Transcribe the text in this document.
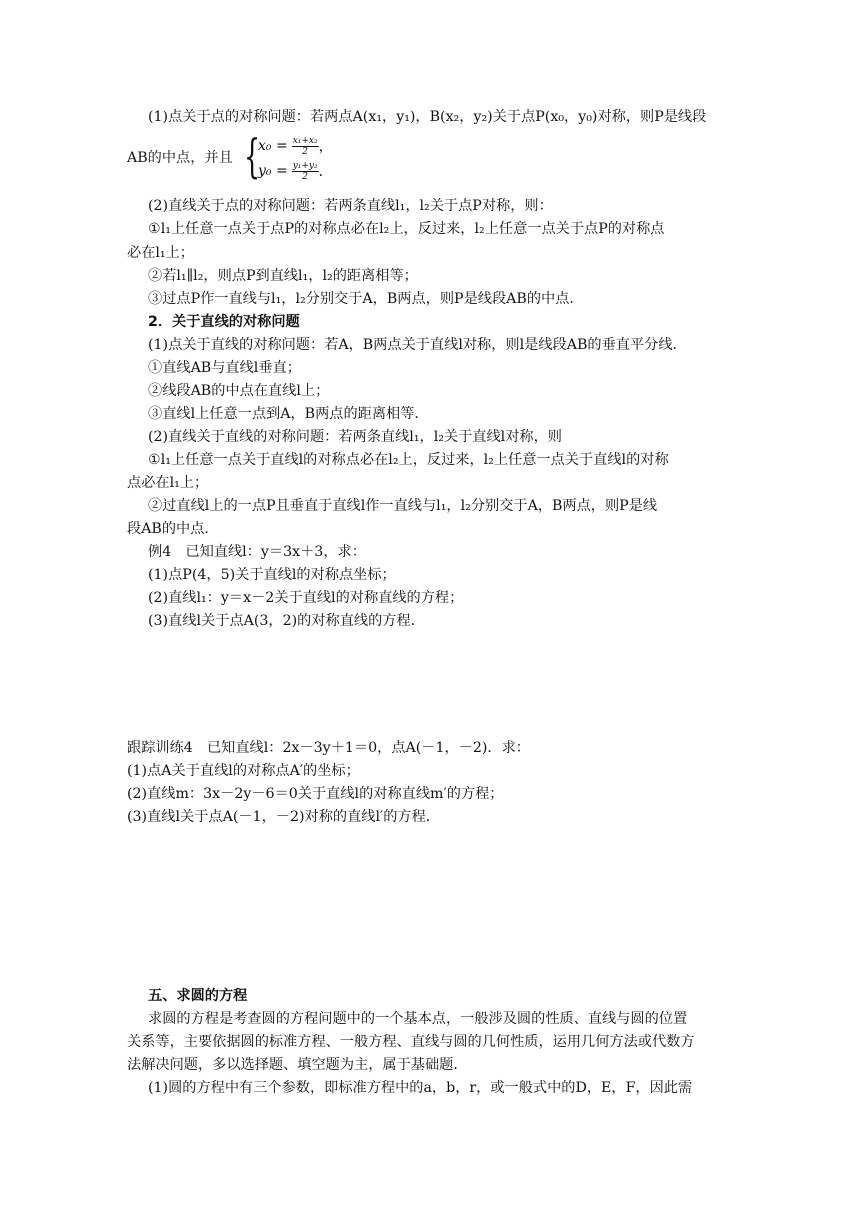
(1)点关于点的对称问题：若两点A(x₁，y₁)，B(x₂，y₂)关于点P(x₀，y₀)对称，则P是线段
AB的中点，并且 {
$x_0 = \frac{\text{x₁+x₂}}{2}$ ，
$y_0 = \frac{\text{y₁+y₂}}{2}$ ．
(2)直线关于点的对称问题：若两条直线l₁，l₂关于点P对称，则：
①l₁上任意一点关于点P的对称点必在l₂上，反过来，l₂上任意一点关于点P的对称点
必在l₁上；
②若l₁∥l₂，则点P到直线l₁，l₂的距离相等；
③过点P作一直线与l₁，l₂分别交于A，B两点，则P是线段AB的中点．
2．关于直线的对称问题
(1)点关于直线的对称问题：若A，B两点关于直线l对称，则l是线段AB的垂直平分线．
①直线AB与直线l垂直；
②线段AB的中点在直线l上；
③直线l上任意一点到A，B两点的距离相等．
(2)直线关于直线的对称问题：若两条直线l₁，l₂关于直线l对称，则
①l₁上任意一点关于直线l的对称点必在l₂上，反过来，l₂上任意一点关于直线l的对称
点必在l₁上；
②过直线l上的一点P且垂直于直线l作一直线与l₁，l₂分别交于A，B两点，则P是线
段AB的中点．
例4　已知直线l：y＝3x＋3，求：
(1)点P(4，5)关于直线l的对称点坐标；
(2)直线l₁：y＝x－2关于直线l的对称直线的方程；
(3)直线l关于点A(3，2)的对称直线的方程．
跟踪训练4　已知直线l：2x－3y＋1＝0，点A(－1，－2)．求：
(1)点A关于直线l的对称点A′的坐标；
(2)直线m：3x－2y－6＝0关于直线l的对称直线m′的方程；
(3)直线l关于点A(－1，－2)对称的直线l′的方程．
五、求圆的方程
求圆的方程是考查圆的方程问题中的一个基本点，一般涉及圆的性质、直线与圆的位置
关系等，主要依据圆的标准方程、一般方程、直线与圆的几何性质，运用几何方法或代数方
法解决问题，多以选择题、填空题为主，属于基础题．
(1)圆的方程中有三个参数，即标准方程中的a，b，r，或一般式中的D，E，F，因此需
